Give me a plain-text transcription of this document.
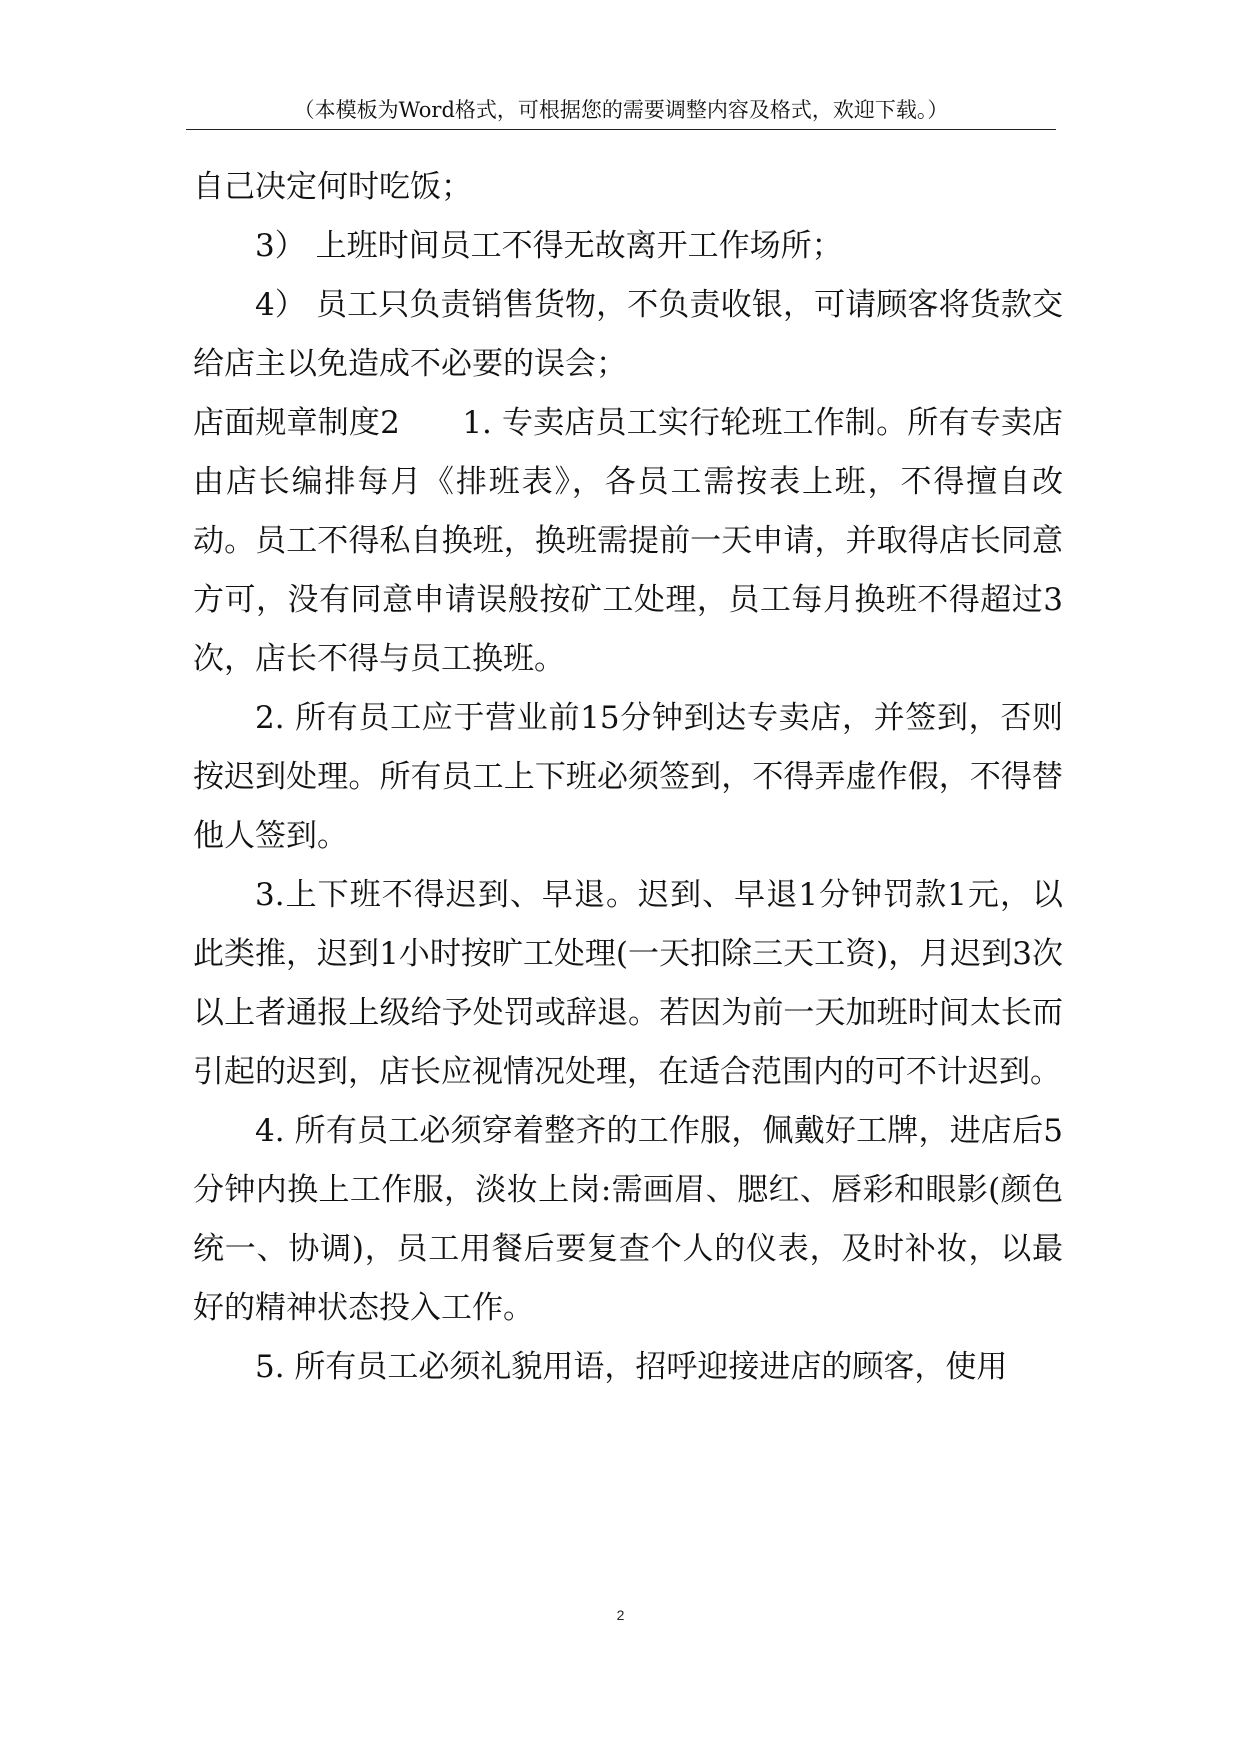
（本模板为Word格式，可根据您的需要调整内容及格式，欢迎下载。）

自己决定何时吃饭；

3） 上班时间员工不得无故离开工作场所；

4） 员工只负责销售货物，不负责收银，可请顾客将货款交给店主以免造成不必要的误会；

店面规章制度2　　1. 专卖店员工实行轮班工作制。所有专卖店由店长编排每月《排班表》，各员工需按表上班，不得擅自改动。员工不得私自换班，换班需提前一天申请，并取得店长同意方可，没有同意申请误般按矿工处理，员工每月换班不得超过3次，店长不得与员工换班。

2. 所有员工应于营业前15分钟到达专卖店，并签到，否则按迟到处理。所有员工上下班必须签到，不得弄虚作假，不得替他人签到。

3.上下班不得迟到、早退。迟到、早退1分钟罚款1元，以此类推，迟到1小时按旷工处理(一天扣除三天工资)，月迟到3次以上者通报上级给予处罚或辞退。若因为前一天加班时间太长而引起的迟到，店长应视情况处理，在适合范围内的可不计迟到。

4. 所有员工必须穿着整齐的工作服，佩戴好工牌，进店后5分钟内换上工作服，淡妆上岗:需画眉、腮红、唇彩和眼影(颜色统一、协调)，员工用餐后要复查个人的仪表，及时补妆，以最好的精神状态投入工作。

5. 所有员工必须礼貌用语，招呼迎接进店的顾客，使用

2
